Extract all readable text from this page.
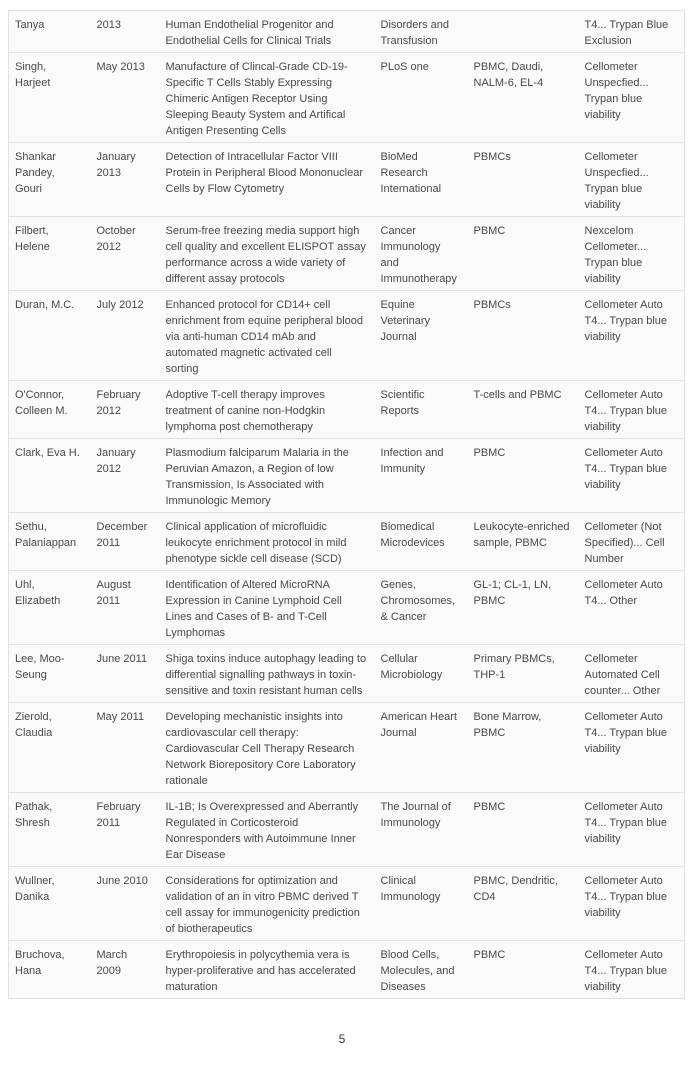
Tanya	2013	Human Endothelial Progenitor and Endothelial Cells for Clinical Trials	Disorders and Transfusion		T4... Trypan Blue Exclusion
Singh, Harjeet	May 2013	Manufacture of Clincal-Grade CD-19-Specific T Cells Stably Expressing Chimeric Antigen Receptor Using Sleeping Beauty System and Artifical Antigen Presenting Cells	PLoS one	PBMC, Daudi, NALM-6, EL-4	Cellometer Unspecfied... Trypan blue viability
Shankar Pandey, Gouri	January 2013	Detection of Intracellular Factor VIII Protein in Peripheral Blood Mononuclear Cells by Flow Cytometry	BioMed Research International	PBMCs	Cellometer Unspecfied... Trypan blue viability
Filbert, Helene	October 2012	Serum-free freezing media support high cell quality and excellent ELISPOT assay performance across a wide variety of different assay protocols	Cancer Immunology and Immunotherapy	PBMC	Nexcelom Cellometer... Trypan blue viability
Duran, M.C.	July 2012	Enhanced protocol for CD14+ cell enrichment from equine peripheral blood via anti-human CD14 mAb and automated magnetic activated cell sorting	Equine Veterinary Journal	PBMCs	Cellometer Auto T4... Trypan blue viability
O'Connor, Colleen M.	February 2012	Adoptive T-cell therapy improves treatment of canine non-Hodgkin lymphoma post chemotherapy	Scientific Reports	T-cells and PBMC	Cellometer Auto T4... Trypan blue viability
Clark, Eva H.	January 2012	Plasmodium falciparum Malaria in the Peruvian Amazon, a Region of low Transmission, Is Associated with Immunologic Memory	Infection and Immunity	PBMC	Cellometer Auto T4... Trypan blue viability
Sethu, Palaniappan	December 2011	Clinical application of microfluidic leukocyte enrichment protocol in mild phenotype sickle cell disease (SCD)	Biomedical Microdevices	Leukocyte-enriched sample, PBMC	Cellometer (Not Specified)... Cell Number
Uhl, Elizabeth	August 2011	Identification of Altered MicroRNA Expression in Canine Lymphoid Cell Lines and Cases of B- and T-Cell Lymphomas	Genes, Chromosomes, & Cancer	GL-1; CL-1, LN, PBMC	Cellometer Auto T4... Other
Lee, Moo-Seung	June 2011	Shiga toxins induce autophagy leading to differential signalling pathways in toxin-sensitive and toxin resistant human cells	Cellular Microbiology	Primary PBMCs, THP-1	Cellometer Automated Cell counter... Other
Zierold, Claudia	May 2011	Developing mechanistic insights into cardiovascular cell therapy: Cardiovascular Cell Therapy Research Network Biorepository Core Laboratory rationale	American Heart Journal	Bone Marrow, PBMC	Cellometer Auto T4... Trypan blue viability
Pathak, Shresh	February 2011	IL-1B; Is Overexpressed and Aberrantly Regulated in Corticosteroid Nonresponders with Autoimmune Inner Ear Disease	The Journal of Immunology	PBMC	Cellometer Auto T4... Trypan blue viability
Wullner, Danika	June 2010	Considerations for optimization and validation of an in vitro PBMC derived T cell assay for immunogenicity prediction of biotherapeutics	Clinical Immunology	PBMC, Dendritic, CD4	Cellometer Auto T4... Trypan blue viability
Bruchova, Hana	March 2009	Erythropoiesis in polycythemia vera is hyper-proliferative and has accelerated maturation	Blood Cells, Molecules, and Diseases	PBMC	Cellometer Auto T4... Trypan blue viability
5
